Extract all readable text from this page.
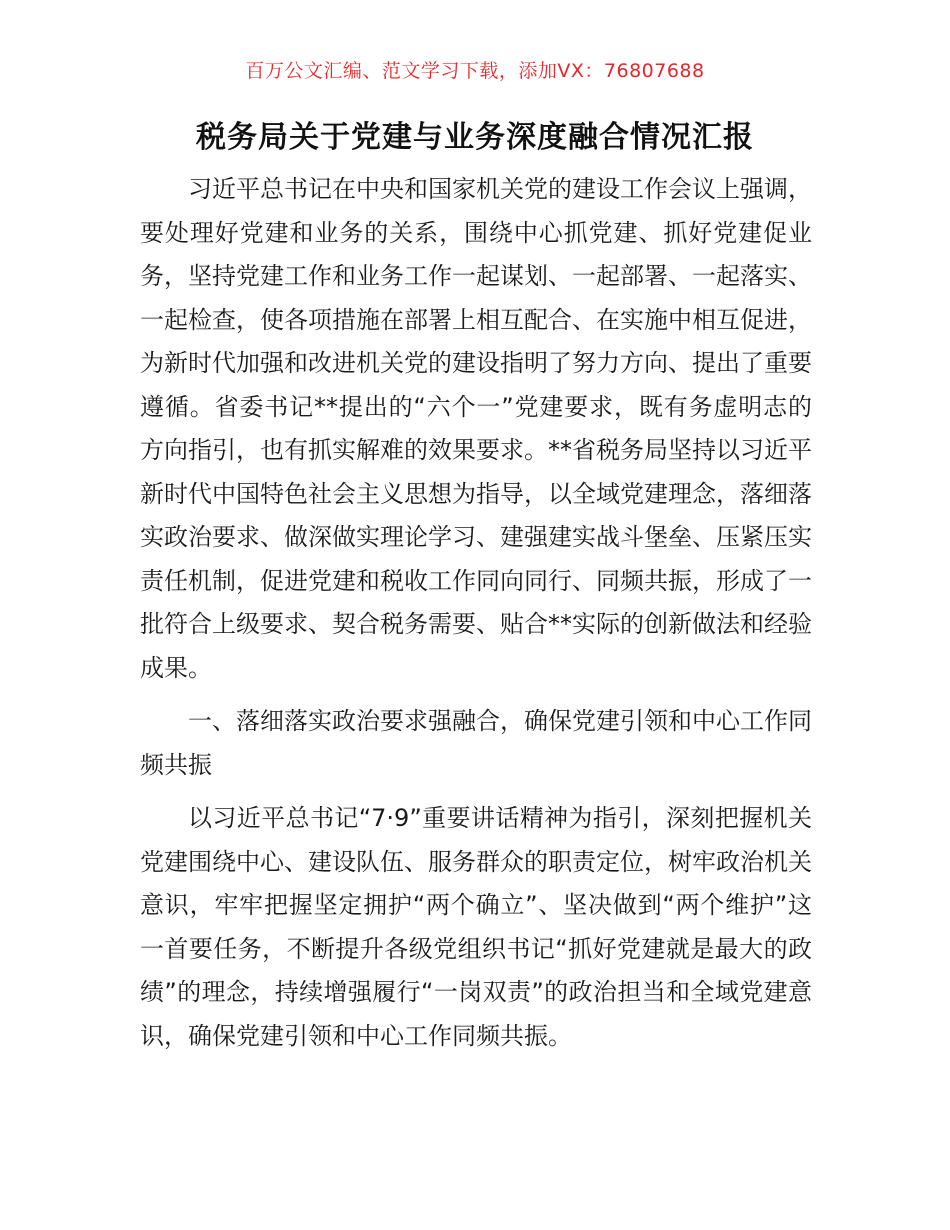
百万公文汇编、范文学习下载，添加VX：76807688
税务局关于党建与业务深度融合情况汇报

习近平总书记在中央和国家机关党的建设工作会议上强调，要处理好党建和业务的关系，围绕中心抓党建、抓好党建促业务，坚持党建工作和业务工作一起谋划、一起部署、一起落实、一起检查，使各项措施在部署上相互配合、在实施中相互促进，为新时代加强和改进机关党的建设指明了努力方向、提出了重要遵循。省委书记**提出的“六个一”党建要求，既有务虚明志的方向指引，也有抓实解难的效果要求。**省税务局坚持以习近平新时代中国特色社会主义思想为指导，以全域党建理念，落细落实政治要求、做深做实理论学习、建强建实战斗堡垒、压紧压实责任机制，促进党建和税收工作同向同行、同频共振，形成了一批符合上级要求、契合税务需要、贴合**实际的创新做法和经验成果。

一、落细落实政治要求强融合，确保党建引领和中心工作同频共振

以习近平总书记“7·9”重要讲话精神为指引，深刻把握机关党建围绕中心、建设队伍、服务群众的职责定位，树牢政治机关意识，牢牢把握坚定拥护“两个确立”、坚决做到“两个维护”这一首要任务，不断提升各级党组织书记“抓好党建就是最大的政绩”的理念，持续增强履行“一岗双责”的政治担当和全域党建意识，确保党建引领和中心工作同频共振。
